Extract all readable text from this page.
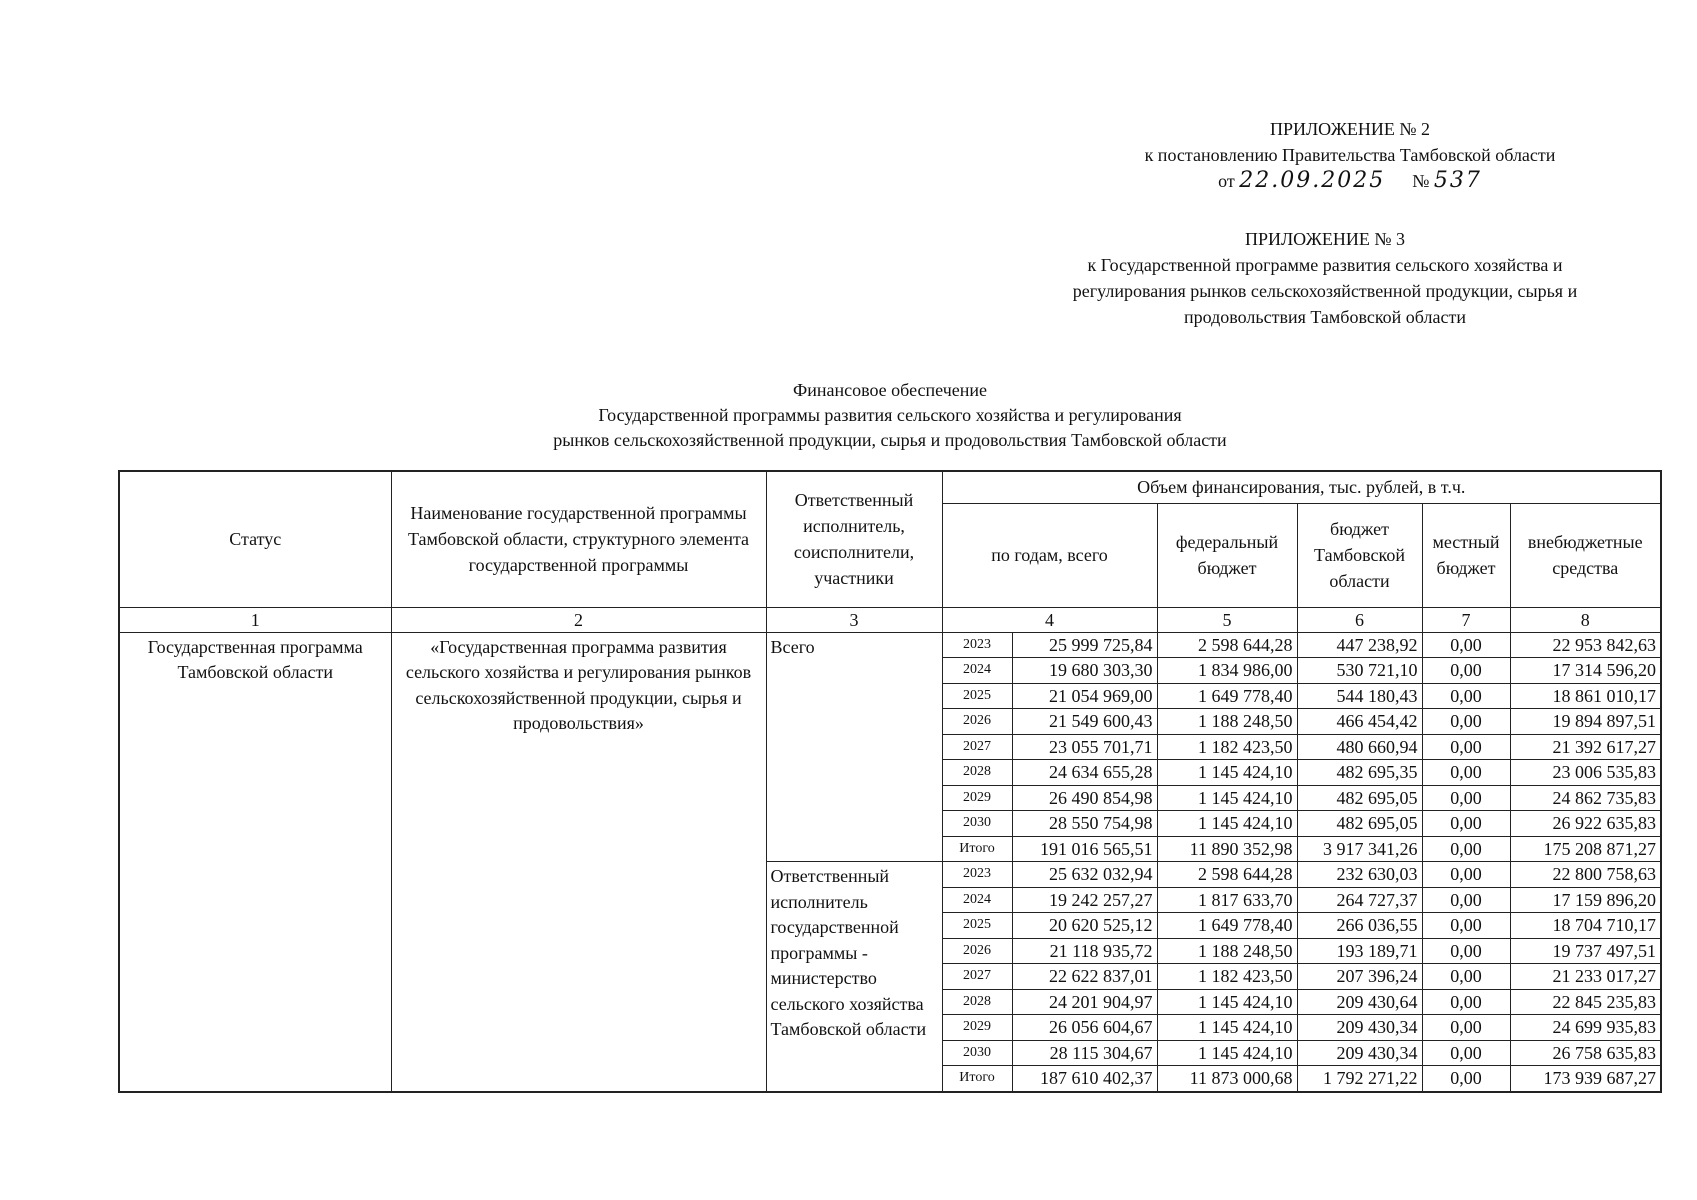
ПРИЛОЖЕНИЕ № 2
к постановлению Правительства Тамбовской области
от 22.09.2025 № 537
ПРИЛОЖЕНИЕ № 3
к Государственной программе развития сельского хозяйства и
регулирования рынков сельскохозяйственной продукции, сырья и
продовольствия Тамбовской области
Финансовое обеспечение
Государственной программы развития сельского хозяйства и регулирования
рынков сельскохозяйственной продукции, сырья и продовольствия Тамбовской области
Статус	Наименование государственной программы Тамбовской области, структурного элемента государственной программы	Ответственный исполнитель, соисполнители, участники	Объем финансирования, тыс. рублей, в т.ч.					
			по годам, всего		федеральный бюджет	бюджет Тамбовской области	местный бюджет	внебюджетные средства
1	2	3	4		5	6	7	8
Государственная программа Тамбовской области	«Государственная программа развития сельского хозяйства и регулирования рынков сельскохозяйственной продукции, сырья и продовольствия»	Всего	2023	25 999 725,84	2 598 644,28	447 238,92	0,00	22 953 842,63
			2024	19 680 303,30	1 834 986,00	530 721,10	0,00	17 314 596,20
			2025	21 054 969,00	1 649 778,40	544 180,43	0,00	18 861 010,17
			2026	21 549 600,43	1 188 248,50	466 454,42	0,00	19 894 897,51
			2027	23 055 701,71	1 182 423,50	480 660,94	0,00	21 392 617,27
			2028	24 634 655,28	1 145 424,10	482 695,35	0,00	23 006 535,83
			2029	26 490 854,98	1 145 424,10	482 695,05	0,00	24 862 735,83
			2030	28 550 754,98	1 145 424,10	482 695,05	0,00	26 922 635,83
			Итого	191 016 565,51	11 890 352,98	3 917 341,26	0,00	175 208 871,27
		Ответственный исполнитель государственной программы - министерство сельского хозяйства Тамбовской области	2023	25 632 032,94	2 598 644,28	232 630,03	0,00	22 800 758,63
			2024	19 242 257,27	1 817 633,70	264 727,37	0,00	17 159 896,20
			2025	20 620 525,12	1 649 778,40	266 036,55	0,00	18 704 710,17
			2026	21 118 935,72	1 188 248,50	193 189,71	0,00	19 737 497,51
			2027	22 622 837,01	1 182 423,50	207 396,24	0,00	21 233 017,27
			2028	24 201 904,97	1 145 424,10	209 430,64	0,00	22 845 235,83
			2029	26 056 604,67	1 145 424,10	209 430,34	0,00	24 699 935,83
			2030	28 115 304,67	1 145 424,10	209 430,34	0,00	26 758 635,83
			Итого	187 610 402,37	11 873 000,68	1 792 271,22	0,00	173 939 687,27
